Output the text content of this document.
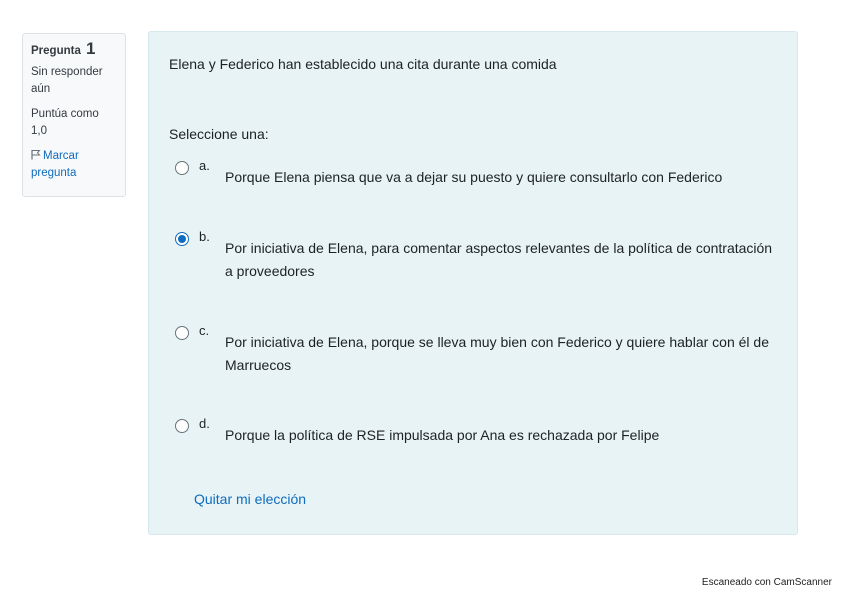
Pregunta 1
Sin responder aún
Puntúa como 1,0
Marcar pregunta
Elena y Federico han establecido una cita durante una comida
Seleccione una:
a.
Porque Elena piensa que va a dejar su puesto y quiere consultarlo con Federico
b.
Por iniciativa de Elena, para comentar aspectos relevantes de la política de contratación a proveedores
c.
Por iniciativa de Elena, porque se lleva muy bien con Federico y quiere hablar con él de Marruecos
d.
Porque la política de RSE impulsada por Ana es rechazada por Felipe
Quitar mi elección
Escaneado con CamScanner
